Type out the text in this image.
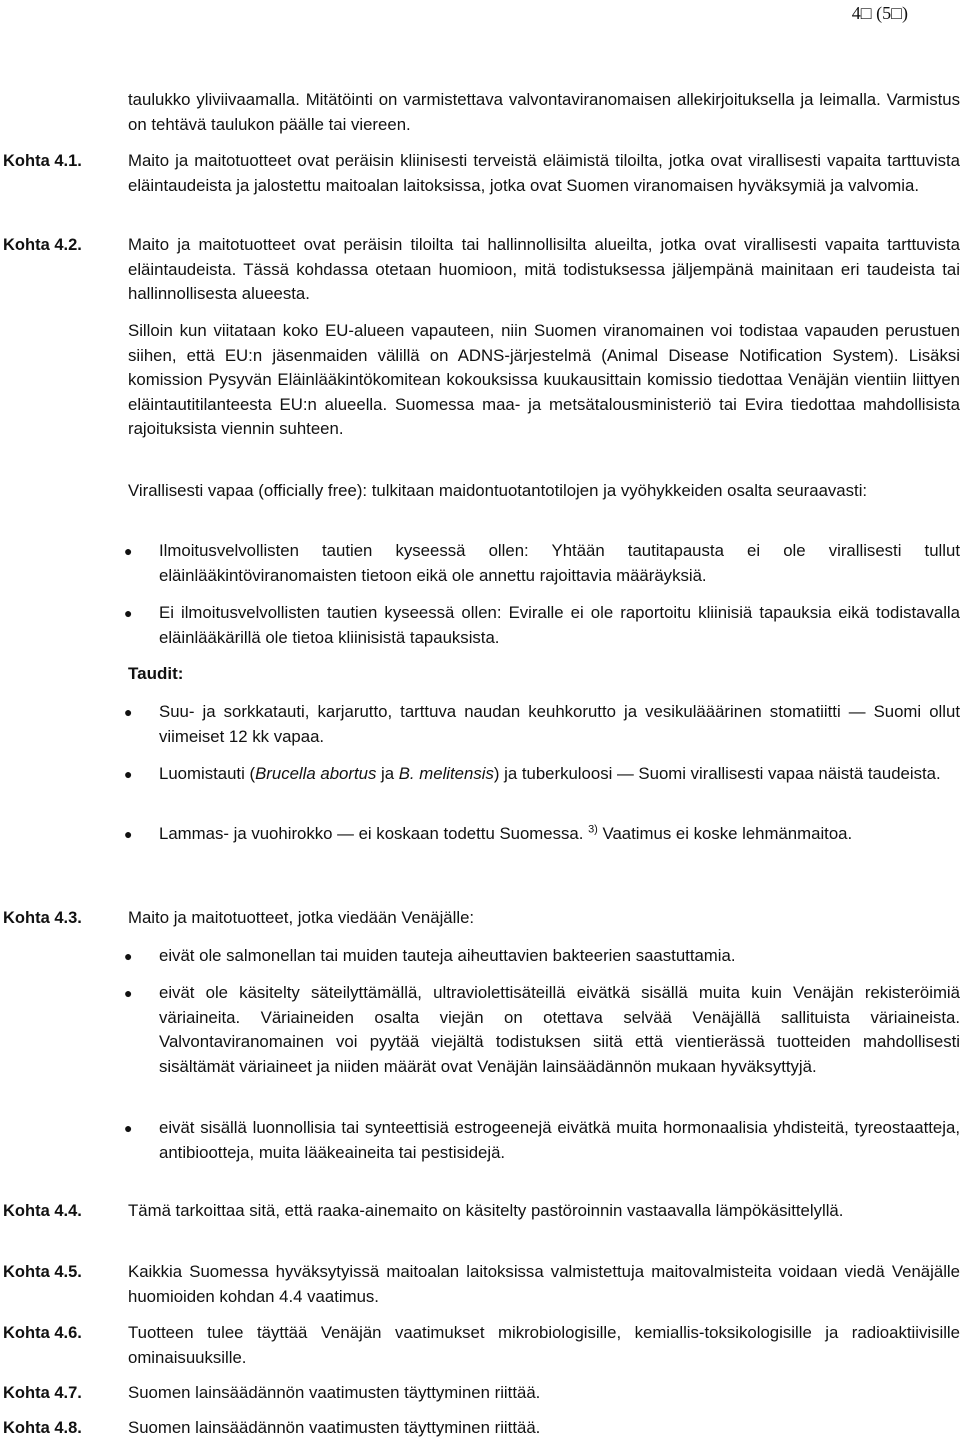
4□ (5□)

taulukko yliviivaamalla. Mitätöinti on varmistettava valvontaviranomaisen allekirjoituksella ja leimalla. Varmistus on tehtävä taulukon päälle tai viereen.

Kohta 4.1.	Maito ja maitotuotteet ovat peräisin kliinisesti terveistä eläimistä tiloilta, jotka ovat virallisesti vapaita tarttuvista eläintaudeista ja jalostettu maitoalan laitoksissa, jotka ovat Suomen viranomaisen hyväksymiä ja valvomia.

Kohta 4.2.	Maito ja maitotuotteet ovat peräisin tiloilta tai hallinnollisilta alueilta, jotka ovat virallisesti vapaita tarttuvista eläintaudeista. Tässä kohdassa otetaan huomioon, mitä todistuksessa jäljempänä mainitaan eri taudeista tai hallinnollisesta alueesta.

Silloin kun viitataan koko EU-alueen vapauteen, niin Suomen viranomainen voi todistaa vapauden perustuen siihen, että EU:n jäsenmaiden välillä on ADNS-järjestelmä (Animal Disease Notification System). Lisäksi komission Pysyvän Eläinlääkintökomitean kokouksissa kuukausittain komissio tiedottaa Venäjän vientiin liittyen eläintautitilanteesta EU:n alueella. Suomessa maa- ja metsätalousministeriö tai Evira tiedottaa mahdollisista rajoituksista viennin suhteen.

Virallisesti vapaa (officially free): tulkitaan maidontuotantotilojen ja vyöhykkeiden osalta seuraavasti:

● Ilmoitusvelvollisten tautien kyseessä ollen: Yhtään tautitapausta ei ole virallisesti tullut eläinlääkintöviranomaisten tietoon eikä ole annettu rajoittavia määräyksiä.

● Ei ilmoitusvelvollisten tautien kyseessä ollen: Eviralle ei ole raportoitu kliinisiä tapauksia eikä todistavalla eläinlääkärillä ole tietoa kliinisistä tapauksista.

Taudit:
● Suu- ja sorkkatauti, karjarutto, tarttuva naudan keuhkorutto ja vesikulääärinen stomatiitti — Suomi ollut viimeiset 12 kk vapaa.

● Luomistauti (Brucella abortus ja B. melitensis) ja tuberkuloosi — Suomi virallisesti vapaa näistä taudeista.

● Lammas- ja vuohirokko — ei koskaan todettu Suomessa. $^{3)}$ Vaatimus ei koske lehmänmaitoa.

Kohta 4.3.	Maito ja maitotuotteet, jotka viedään Venäjälle:

● eivät ole salmonellan tai muiden tauteja aiheuttavien bakteerien saastuttamia.

● eivät ole käsitelty säteilyttämällä, ultraviolettisäteillä eivätkä sisällä muita kuin Venäjän rekisteröimiä väriaineita. Väriaineiden osalta viejän on otettava selvää Venäjällä sallituista väriaineista. Valvontaviranomainen voi pyytää viejältä todistuksen siitä että vientierässä tuotteiden mahdollisesti sisältämät väriaineet ja niiden määrät ovat Venäjän lainsäädännön mukaan hyväksyttyjä.

● eivät sisällä luonnollisia tai synteettisiä estrogeenejä eivätkä muita hormonaalisia yhdisteitä, tyreostaatteja, antibiootteja, muita lääkeaineita tai pestisidejä.

Kohta 4.4.	Tämä tarkoittaa sitä, että raaka-ainemaito on käsitelty pastöroinnin vastaavalla lämpökäsittelyllä.

Kohta 4.5.	Kaikkia Suomessa hyväksytyissä maitoalan laitoksissa valmistettuja maitovalmisteita voidaan viedä Venäjälle huomioiden kohdan 4.4 vaatimus.

Kohta 4.6.	Tuotteen tulee täyttää Venäjän vaatimukset mikrobiologisille, kemiallis-toksikologisille ja radioaktiivisille ominaisuuksille.

Kohta 4.7.	Suomen lainsäädännön vaatimusten täyttyminen riittää.

Kohta 4.8.	Suomen lainsäädännön vaatimusten täyttyminen riittää.
